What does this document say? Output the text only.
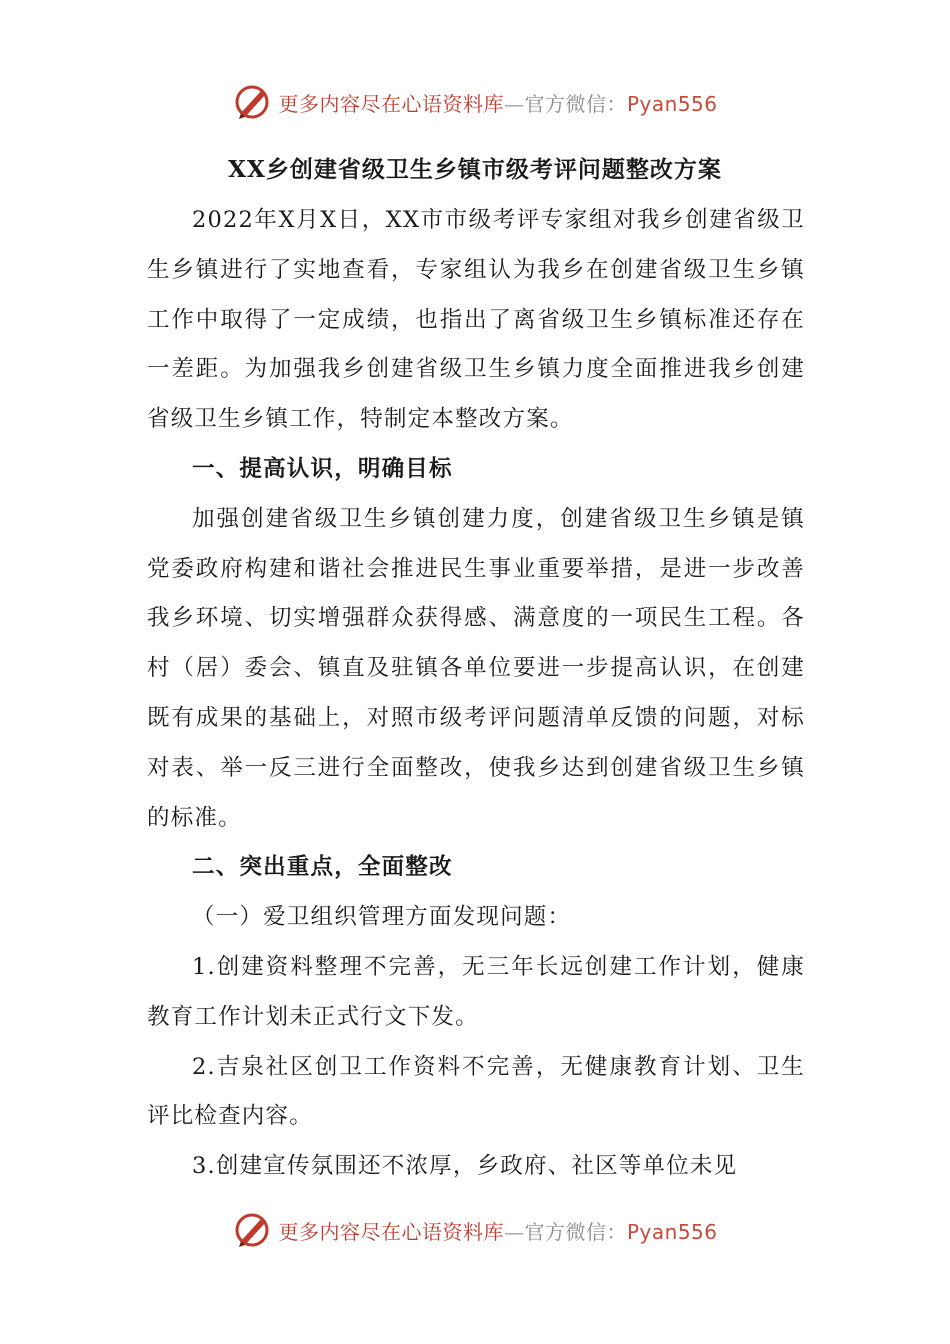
更多内容尽在心语资料库—官方微信：Pyan556
XX乡创建省级卫生乡镇市级考评问题整改方案

2022年X月X日，XX市市级考评专家组对我乡创建省级卫生乡镇进行了实地查看，专家组认为我乡在创建省级卫生乡镇工作中取得了一定成绩，也指出了离省级卫生乡镇标准还存在一差距。为加强我乡创建省级卫生乡镇力度全面推进我乡创建省级卫生乡镇工作，特制定本整改方案。

一、提高认识，明确目标

加强创建省级卫生乡镇创建力度，创建省级卫生乡镇是镇党委政府构建和谐社会推进民生事业重要举措，是进一步改善我乡环境、切实增强群众获得感、满意度的一项民生工程。各村（居）委会、镇直及驻镇各单位要进一步提高认识，在创建既有成果的基础上，对照市级考评问题清单反馈的问题，对标对表、举一反三进行全面整改，使我乡达到创建省级卫生乡镇的标准。

二、突出重点，全面整改

（一）爱卫组织管理方面发现问题：

1.创建资料整理不完善，无三年长远创建工作计划，健康教育工作计划未正式行文下发。

2.吉泉社区创卫工作资料不完善，无健康教育计划、卫生评比检查内容。

3.创建宣传氛围还不浓厚，乡政府、社区等单位未见

更多内容尽在心语资料库—官方微信：Pyan556
